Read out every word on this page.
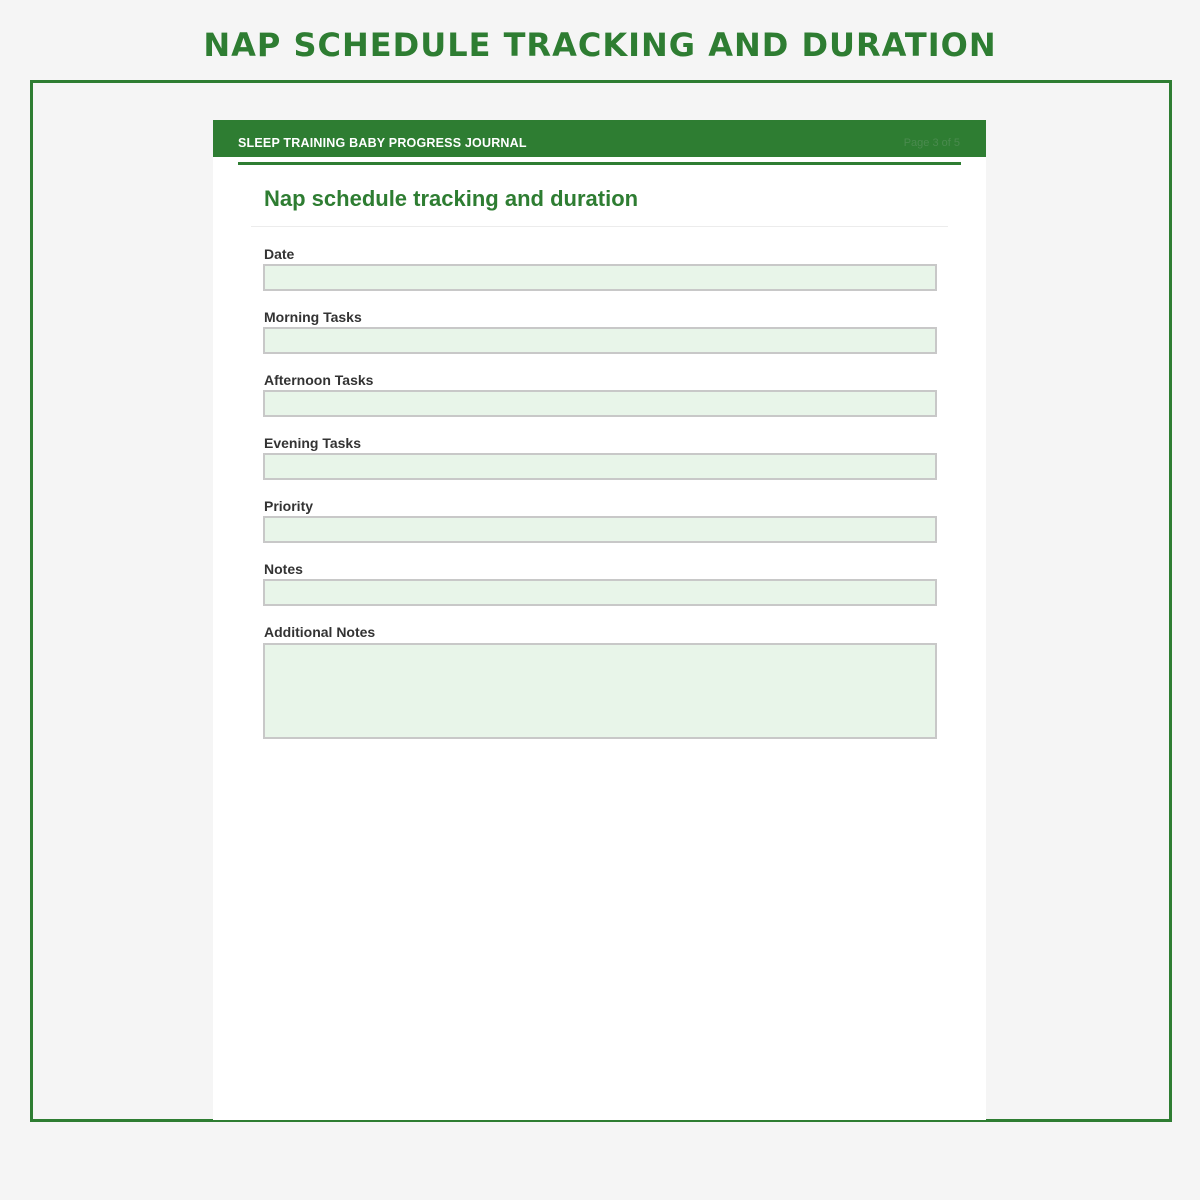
NAP SCHEDULE TRACKING AND DURATION
SLEEP TRAINING BABY PROGRESS JOURNAL	Page 3 of 5
Nap schedule tracking and duration
Date
Morning Tasks
Afternoon Tasks
Evening Tasks
Priority
Notes
Additional Notes
